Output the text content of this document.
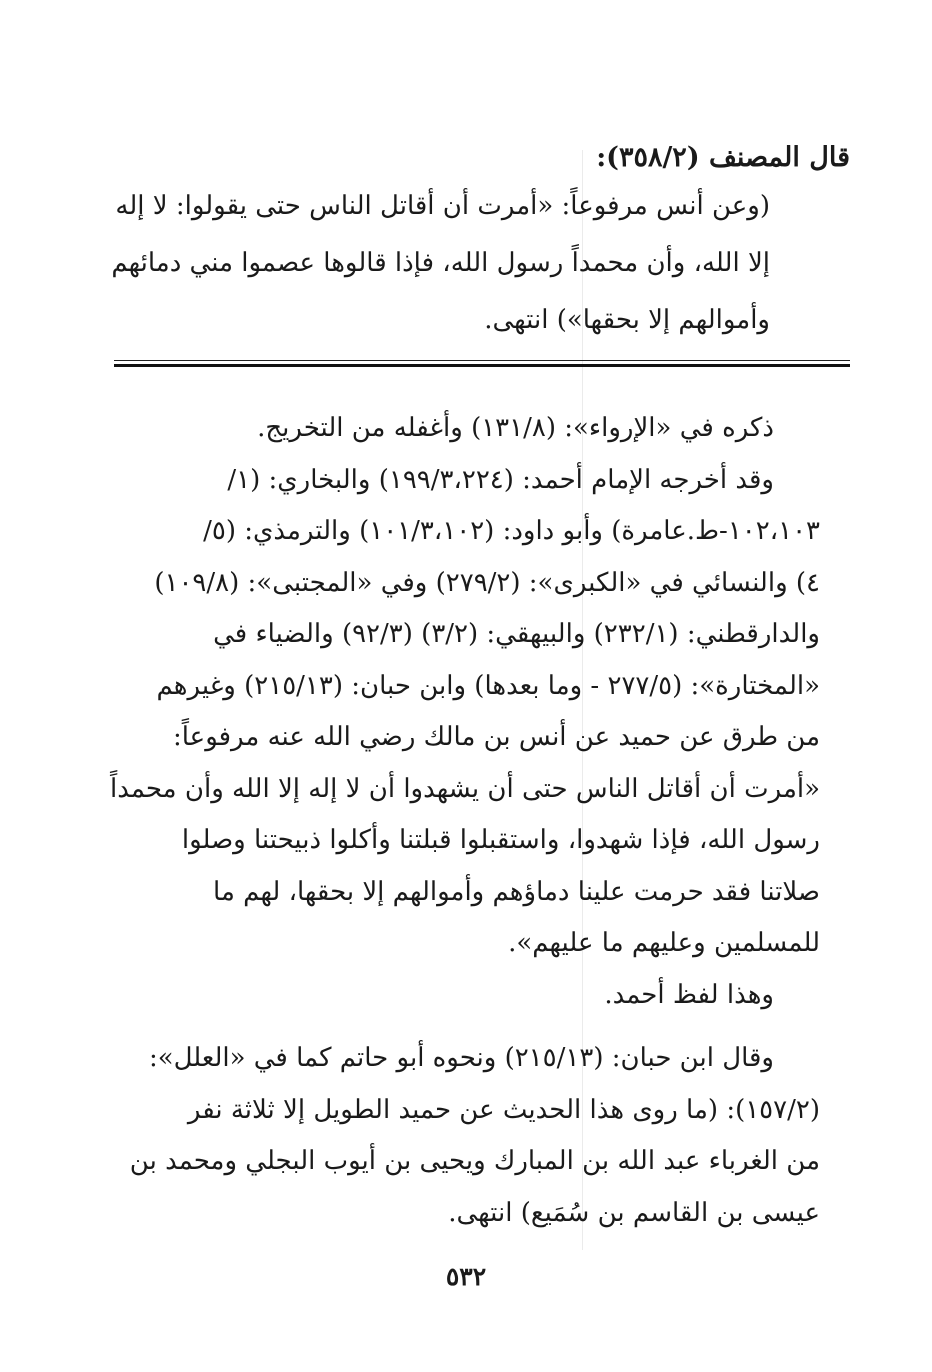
قال المصنف (٣٥٨/٢):

(وعن أنس مرفوعاً: «أمرت أن أقاتل الناس حتى يقولوا: لا إله
إلا الله، وأن محمداً رسول الله، فإذا قالوها عصموا مني دمائهم
وأموالهم إلا بحقها») انتهى.
ذكره في «الإرواء»: (١٣١/٨) وأغفله من التخريج.
وقد أخرجه الإمام أحمد: (١٩٩/٣،٢٢٤) والبخاري: (١/
١٠٢،١٠٣-ط.عامرة) وأبو داود: (١٠١/٣،١٠٢) والترمذي: (٥/
٤) والنسائي في «الكبرى»: (٢٧٩/٢) وفي «المجتبى»: (١٠٩/٨)
والدارقطني: (٢٣٢/١) والبيهقي: (٣/٢) (٩٢/٣) والضياء في
«المختارة»: (٢٧٧/٥ - وما بعدها) وابن حبان: (٢١٥/١٣) وغيرهم
من طرق عن حميد عن أنس بن مالك رضي الله عنه مرفوعاً:
«أمرت أن أقاتل الناس حتى أن يشهدوا أن لا إله إلا الله وأن محمداً
رسول الله، فإذا شهدوا، واستقبلوا قبلتنا وأكلوا ذبيحتنا وصلوا
صلاتنا فقد حرمت علينا دماؤهم وأموالهم إلا بحقها، لهم ما
للمسلمين وعليهم ما عليهم».
وهذا لفظ أحمد.
وقال ابن حبان: (٢١٥/١٣) ونحوه أبو حاتم كما في «العلل»:
(١٥٧/٢): (ما روى هذا الحديث عن حميد الطويل إلا ثلاثة نفر
من الغرباء عبد الله بن المبارك ويحيى بن أيوب البجلي ومحمد بن
عيسى بن القاسم بن سُمَيع) انتهى.
٥٣٢
